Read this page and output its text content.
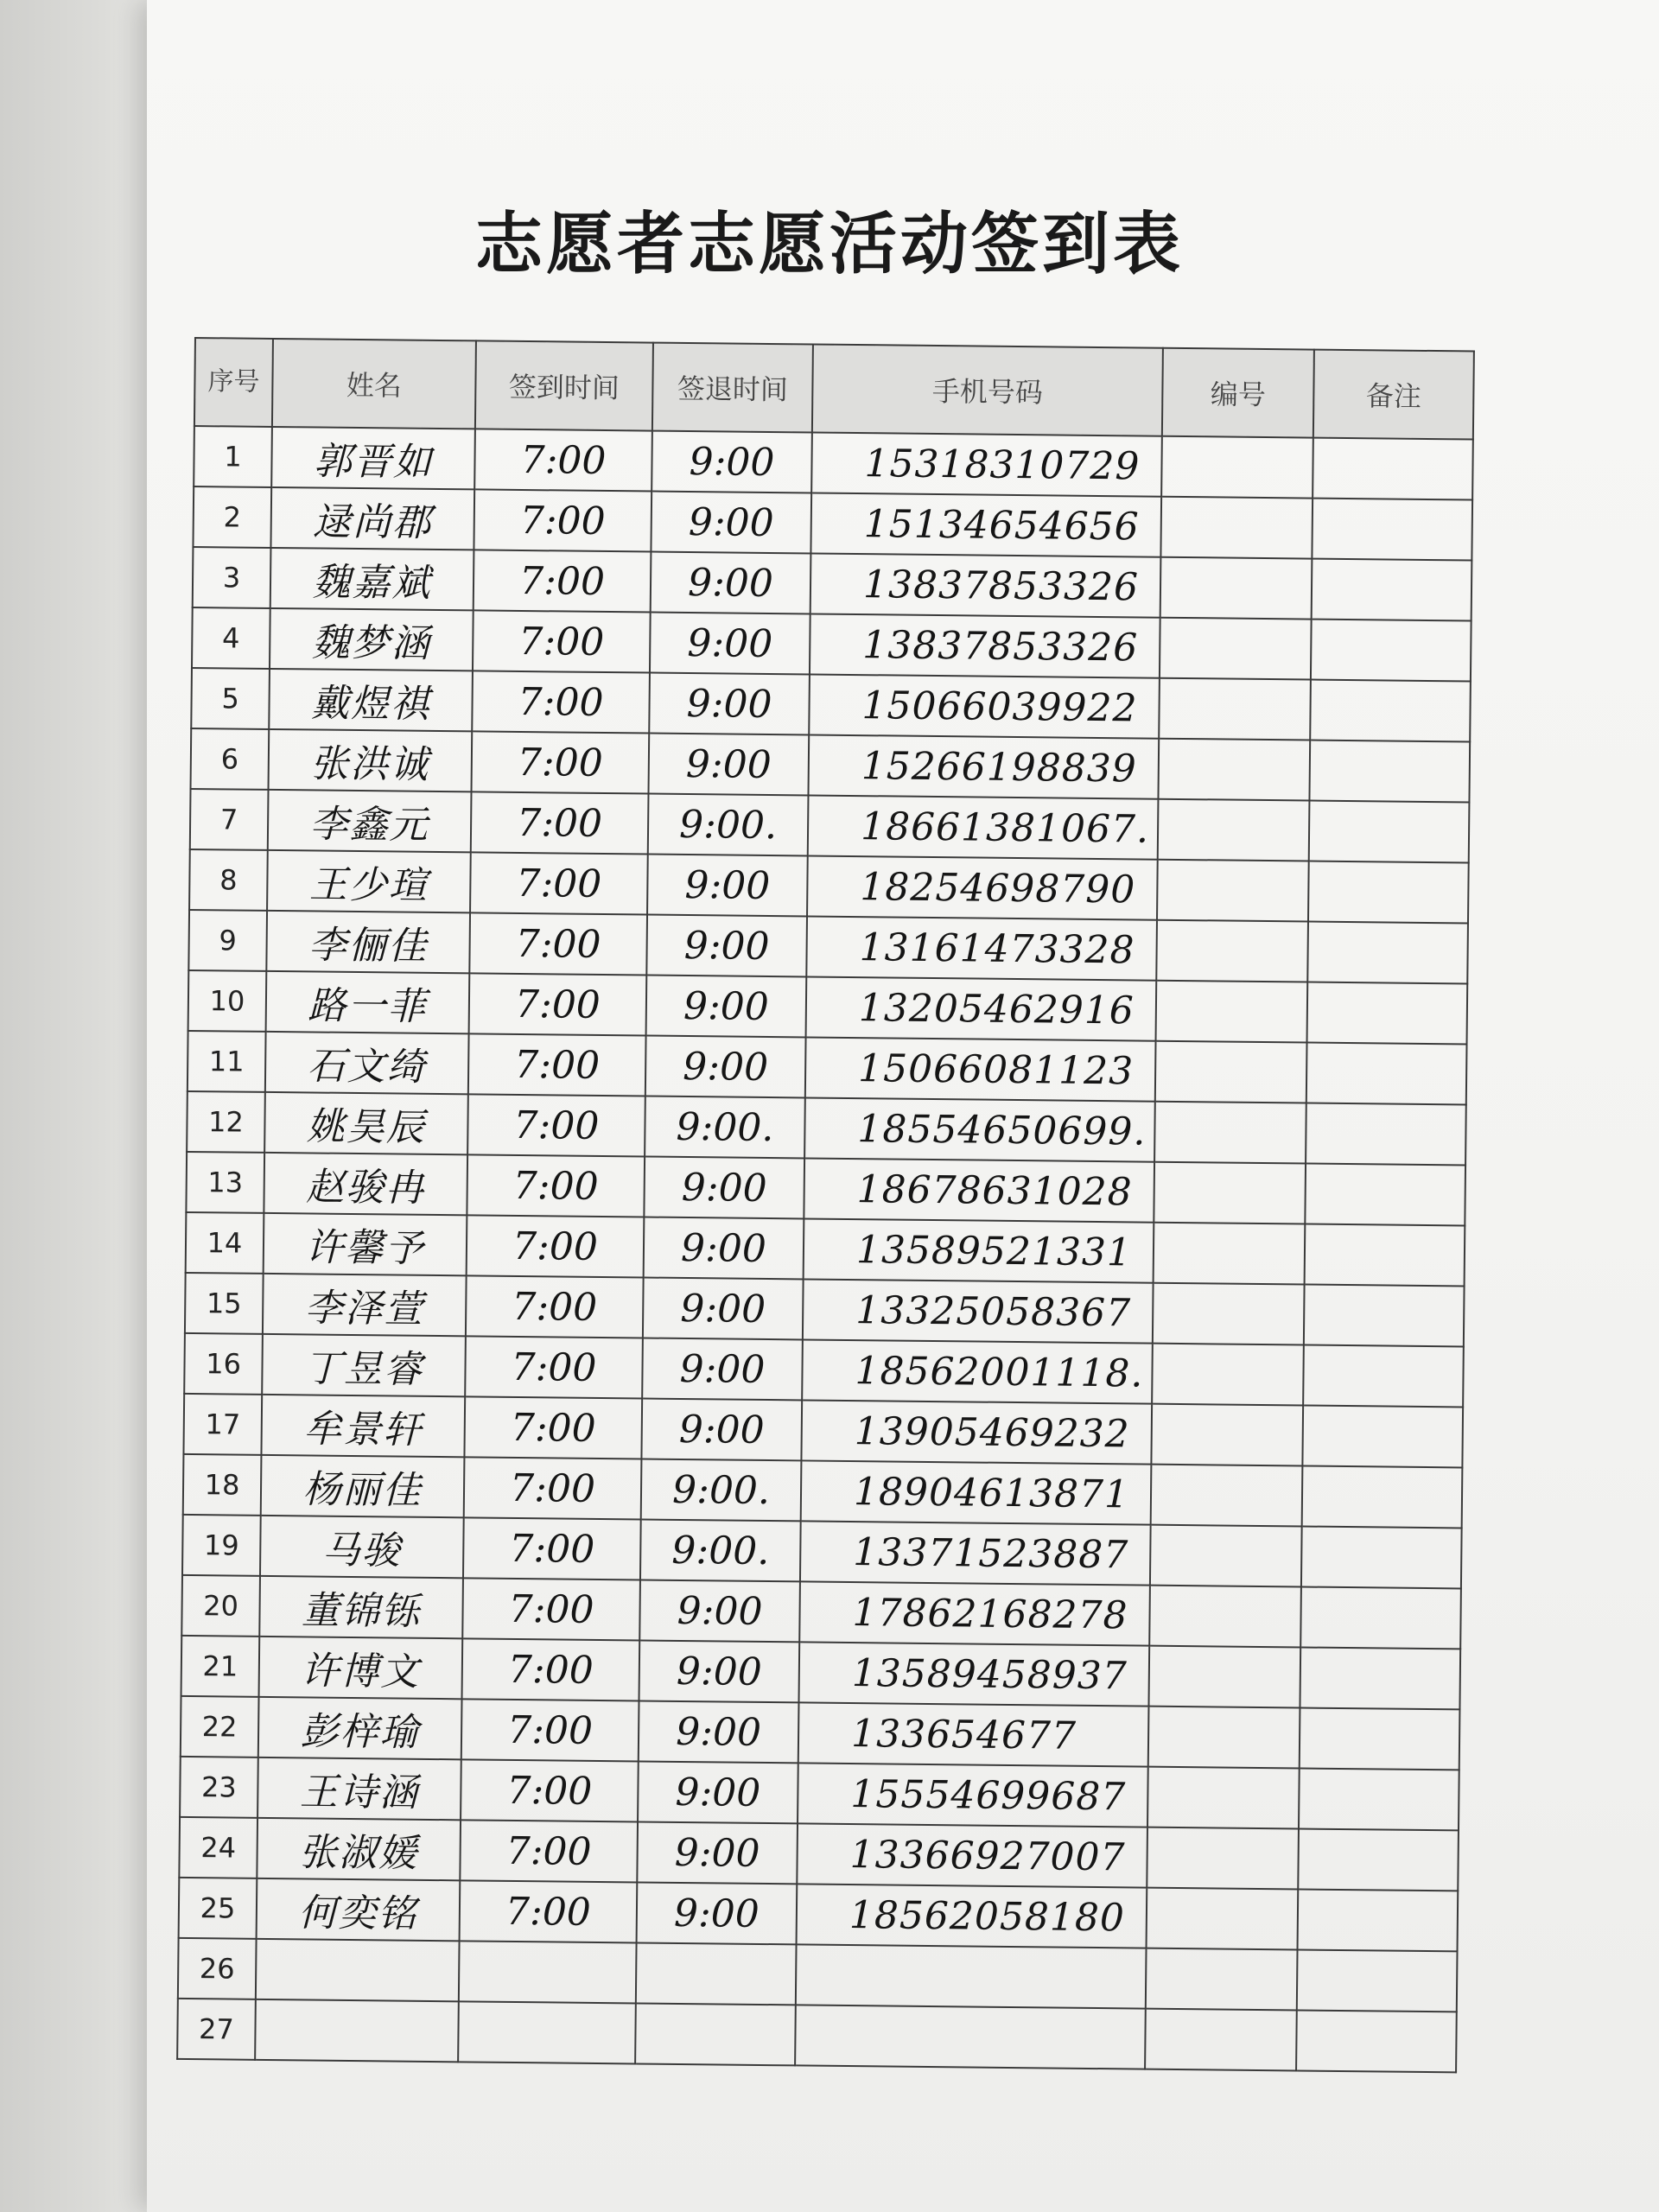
志愿者志愿活动签到表
序号	姓名	签到时间	签退时间	手机号码	编号	备注
1	郭晋如	7:00	9:00	15318310729		
2	逯尚郡	7:00	9:00	15134654656		
3	魏嘉斌	7:00	9:00	13837853326		
4	魏梦涵	7:00	9:00	13837853326		
5	戴煜祺	7:00	9:00	15066039922		
6	张洪诚	7:00	9:00	15266198839		
7	李鑫元	7:00	9:00.	18661381067.		
8	王少瑄	7:00	9:00	18254698790		
9	李俪佳	7:00	9:00	13161473328		
10	路一菲	7:00	9:00	13205462916		
11	石文绮	7:00	9:00	15066081123		
12	姚昊辰	7:00	9:00.	18554650699.		
13	赵骏冉	7:00	9:00	18678631028		
14	许馨予	7:00	9:00	13589521331		
15	李泽萱	7:00	9:00	13325058367		
16	丁昱睿	7:00	9:00	18562001118.		
17	牟景轩	7:00	9:00	13905469232		
18	杨丽佳	7:00	9:00.	18904613871		
19	马骏	7:00	9:00.	13371523887		
20	董锦铄	7:00	9:00	17862168278		
21	许博文	7:00	9:00	13589458937		
22	彭梓瑜	7:00	9:00	133654677		
23	王诗涵	7:00	9:00	15554699687		
24	张淑媛	7:00	9:00	13366927007		
25	何奕铭	7:00	9:00	18562058180		
26						
27						
